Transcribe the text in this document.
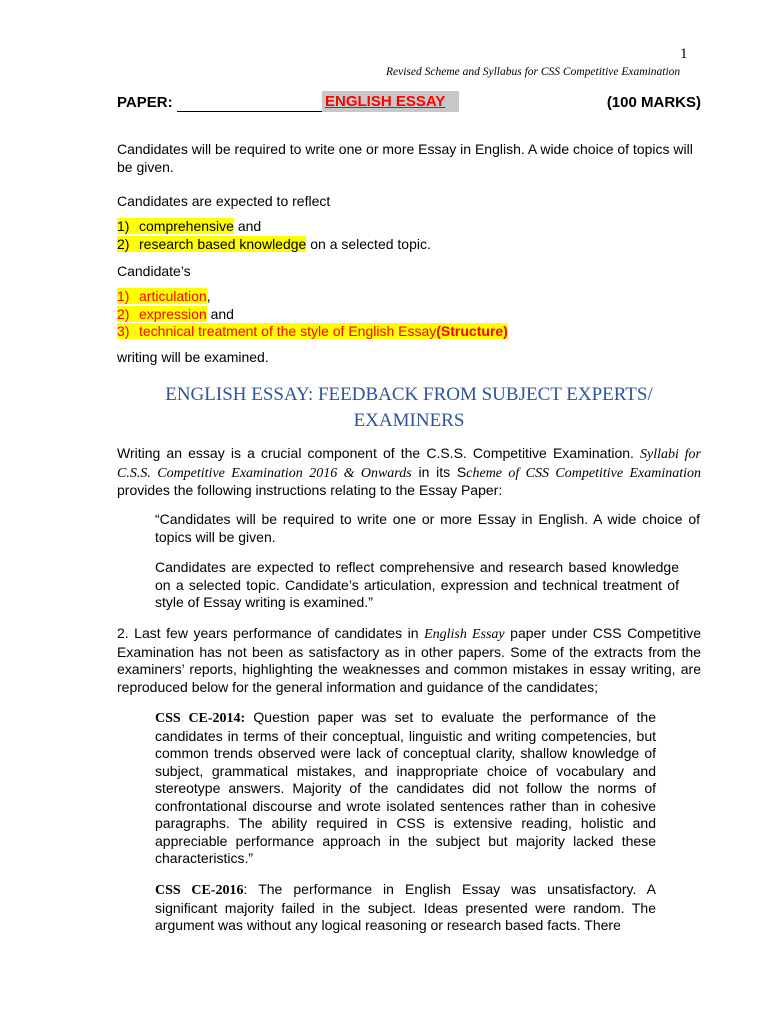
1
Revised Scheme and Syllabus for CSS Competitive Examination
PAPER:	ENGLISH ESSAY	(100 MARKS)
Candidates will be required to write one or more Essay in English. A wide choice of topics will be given.
Candidates are expected to reflect
1) comprehensive and
2) research based knowledge on a selected topic.
Candidate’s
1) articulation,
2) expression and
3) technical treatment of the style of English Essay(Structure)
writing will be examined.
ENGLISH ESSAY: FEEDBACK FROM SUBJECT EXPERTS/
EXAMINERS
Writing an essay is a crucial component of the C.S.S. Competitive Examination. Syllabi for C.S.S. Competitive Examination 2016 & Onwards in its Scheme of CSS Competitive Examination provides the following instructions relating to the Essay Paper:
“Candidates will be required to write one or more Essay in English. A wide choice of topics will be given.
Candidates are expected to reflect comprehensive and research based knowledge on a selected topic. Candidate’s articulation, expression and technical treatment of style of Essay writing is examined.”
2. Last few years performance of candidates in English Essay paper under CSS Competitive Examination has not been as satisfactory as in other papers. Some of the extracts from the examiners’ reports, highlighting the weaknesses and common mistakes in essay writing, are reproduced below for the general information and guidance of the candidates;
CSS CE-2014: Question paper was set to evaluate the performance of the candidates in terms of their conceptual, linguistic and writing competencies, but common trends observed were lack of conceptual clarity, shallow knowledge of subject, grammatical mistakes, and inappropriate choice of vocabulary and stereotype answers. Majority of the candidates did not follow the norms of confrontational discourse and wrote isolated sentences rather than in cohesive paragraphs. The ability required in CSS is extensive reading, holistic and appreciable performance approach in the subject but majority lacked these characteristics.”
CSS CE-2016: The performance in English Essay was unsatisfactory. A significant majority failed in the subject. Ideas presented were random. The argument was without any logical reasoning or research based facts. There
